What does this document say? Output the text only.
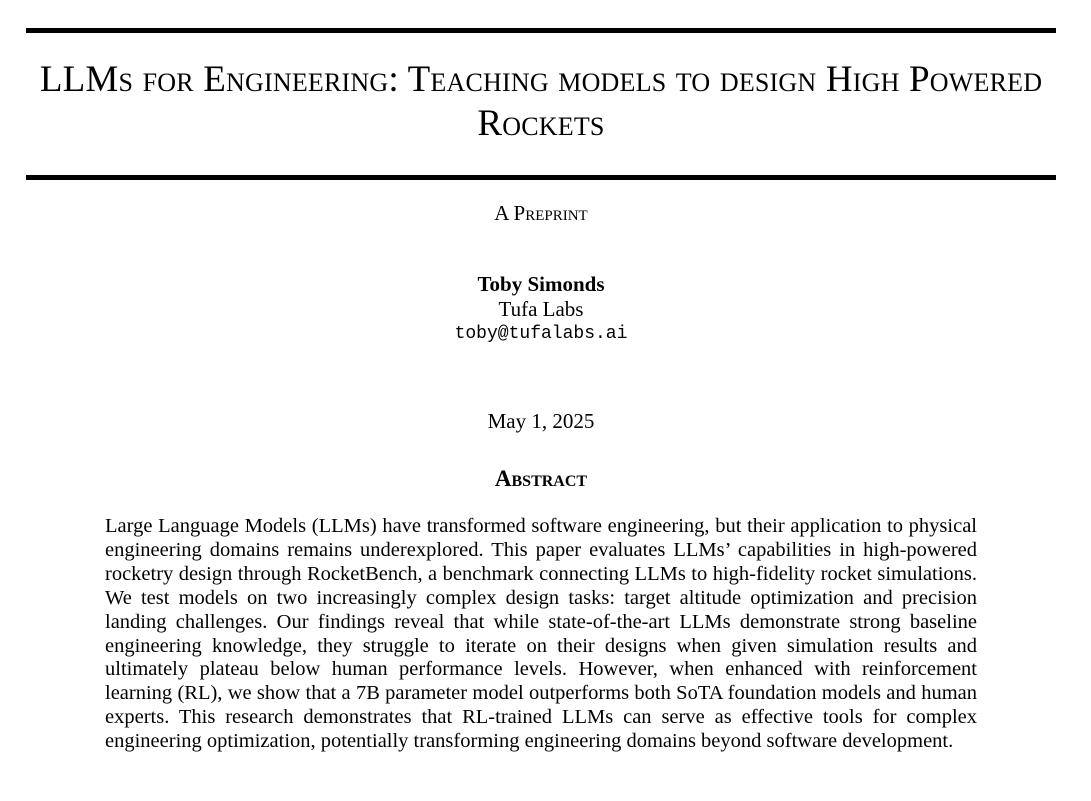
LLMs for Engineering: Teaching models to design High Powered Rockets
A Preprint
Toby Simonds
Tufa Labs
toby@tufalabs.ai
May 1, 2025
Abstract

Large Language Models (LLMs) have transformed software engineering, but their application to physical engineering domains remains underexplored. This paper evaluates LLMs’ capabilities in high-powered rocketry design through RocketBench, a benchmark connecting LLMs to high-fidelity rocket simulations. We test models on two increasingly complex design tasks: target altitude optimization and precision landing challenges. Our findings reveal that while state-of-the-art LLMs demonstrate strong baseline engineering knowledge, they struggle to iterate on their designs when given simulation results and ultimately plateau below human performance levels. However, when enhanced with reinforcement learning (RL), we show that a 7B parameter model outperforms both SoTA foundation models and human experts. This research demonstrates that RL-trained LLMs can serve as effective tools for complex engineering optimization, potentially transforming engineering domains beyond software development.
